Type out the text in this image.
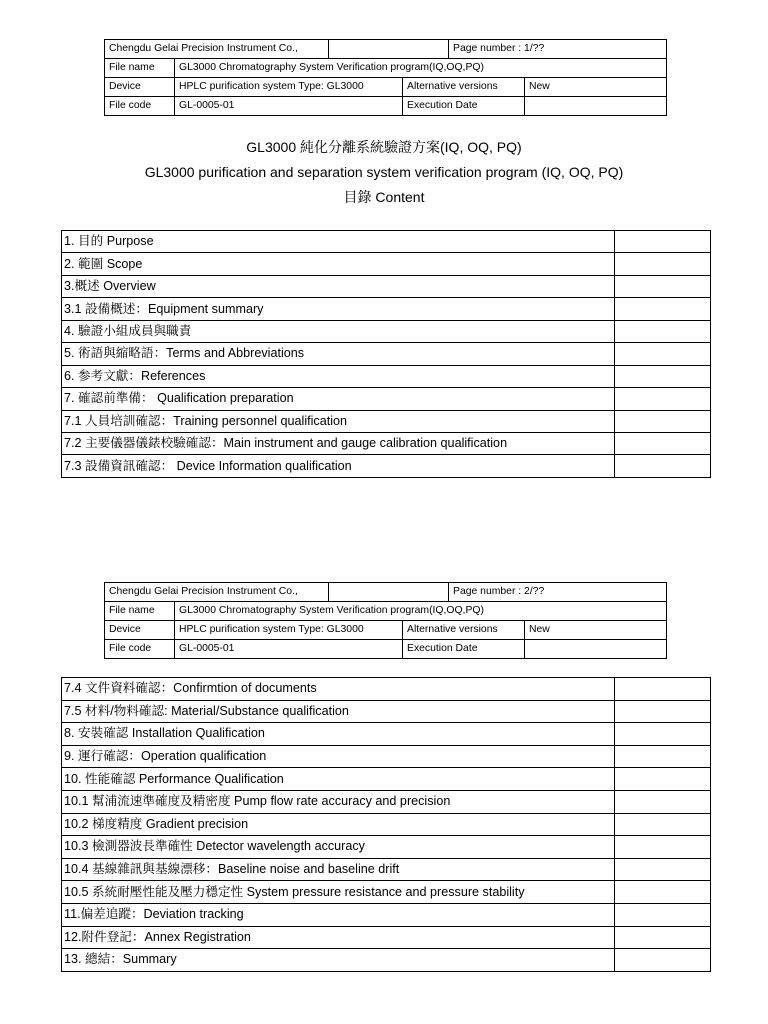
Chengdu Gelai Precision Instrument Co.,				Page number : 1/??	
File name	GL3000 Chromatography System Verification program(IQ,OQ,PQ)				
Device	HPLC purification system Type: GL3000		Alternative versions		New
File code	GL-0005-01		Execution Date		
GL3000 純化分離系統驗證方案(IQ, OQ, PQ)
GL3000 purification and separation system verification program (IQ, OQ, PQ)
目錄 Content
1. 目的 Purpose	
2. 範圍 Scope	
3.概述 Overview	
3.1 設備概述：Equipment summary	
4. 驗證小組成員與職責	
5. 術語與縮略語：Terms and Abbreviations	
6. 参考文獻：References	
7. 確認前準備： Qualification preparation	
7.1 人員培訓確認：Training personnel qualification	
7.2 主要儀器儀錶校驗確認：Main instrument and gauge calibration qualification	
7.3 設備資訊確認： Device Information qualification	
Chengdu Gelai Precision Instrument Co.,				Page number : 2/??	
File name	GL3000 Chromatography System Verification program(IQ,OQ,PQ)				
Device	HPLC purification system Type: GL3000		Alternative versions		New
File code	GL-0005-01		Execution Date		
7.4 文件資料確認：Confirmtion of documents	
7.5 材料/物料確認: Material/Substance qualification	
8. 安裝確認 Installation Qualification	
9. 運行確認：Operation qualification	
10. 性能確認 Performance Qualification	
10.1 幫浦流速準確度及精密度 Pump flow rate accuracy and precision	
10.2 梯度精度 Gradient precision	
10.3 檢測器波長準確性 Detector wavelength accuracy	
10.4 基線雜訊與基線漂移：Baseline noise and baseline drift	
10.5 系統耐壓性能及壓力穩定性 System pressure resistance and pressure stability	
11.偏差追蹤：Deviation tracking	
12.附件登記：Annex Registration	
13. 總結：Summary	
